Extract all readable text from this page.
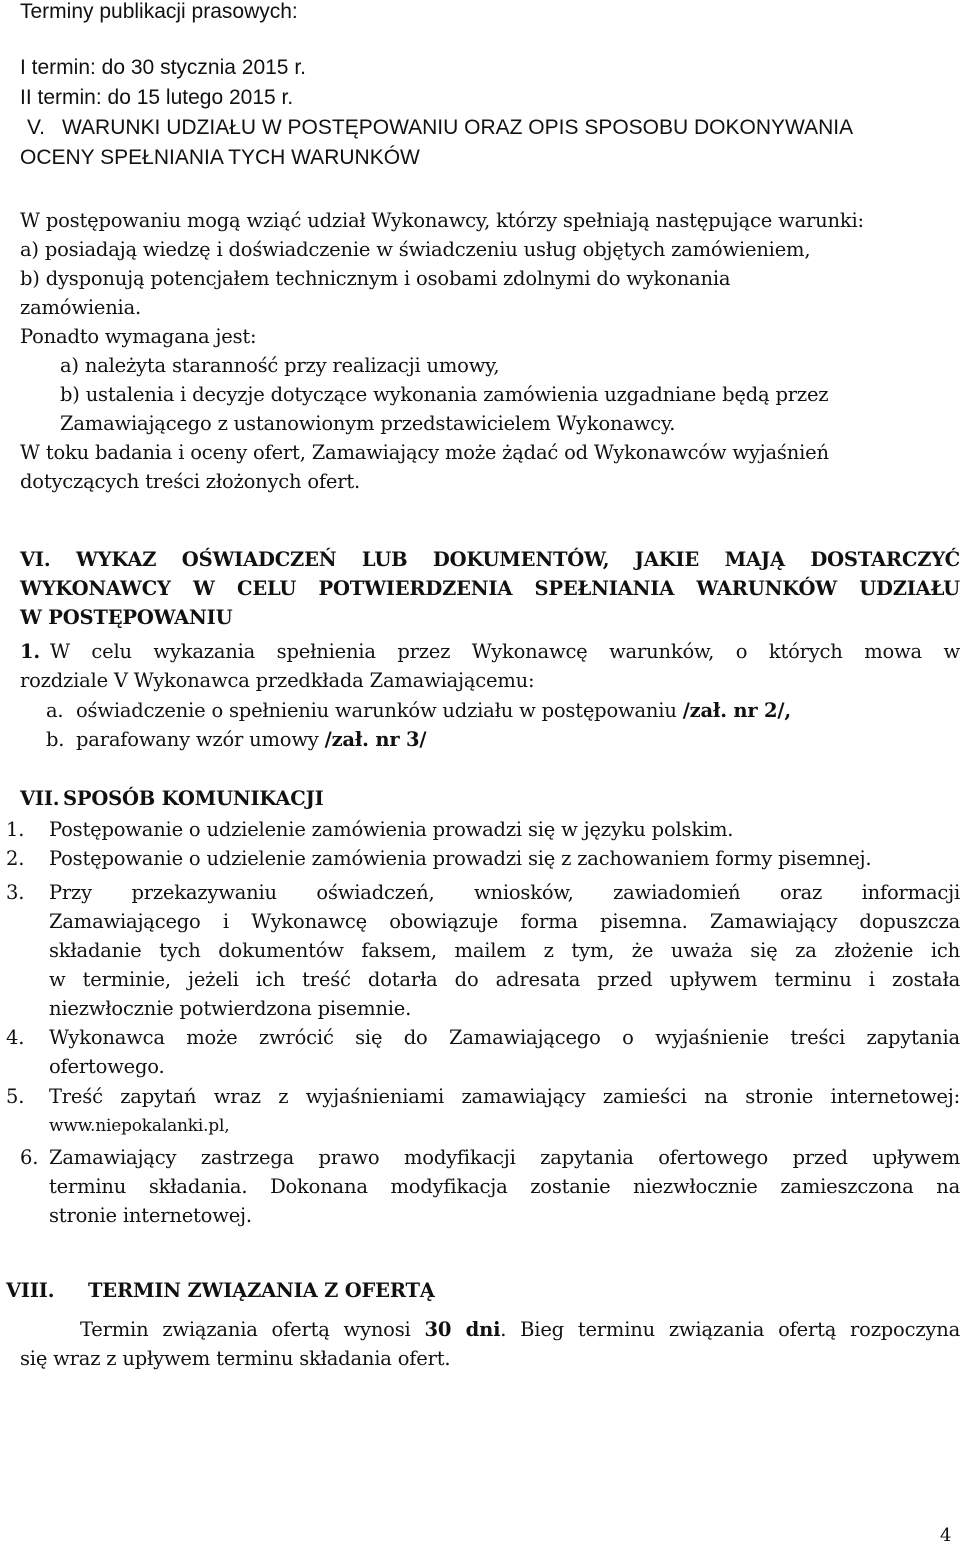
Terminy publikacji prasowych:
I termin: do 30 stycznia 2015 r.
II termin: do 15 lutego 2015 r.
V. WARUNKI UDZIAŁU W POSTĘPOWANIU ORAZ OPIS SPOSOBU DOKONYWANIA
OCENY SPEŁNIANIA TYCH WARUNKÓW
W postępowaniu mogą wziąć udział Wykonawcy, którzy spełniają następujące warunki:
a) posiadają wiedzę i doświadczenie w świadczeniu usług objętych zamówieniem,
b) dysponują potencjałem technicznym i osobami zdolnymi do wykonania
zamówienia.
Ponadto wymagana jest:
a) należyta staranność przy realizacji umowy,
b) ustalenia i decyzje dotyczące wykonania zamówienia uzgadniane będą przez
Zamawiającego z ustanowionym przedstawicielem Wykonawcy.
W toku badania i oceny ofert, Zamawiający może żądać od Wykonawców wyjaśnień
dotyczących treści złożonych ofert.
VI. WYKAZ OŚWIADCZEŃ LUB DOKUMENTÓW, JAKIE MAJĄ DOSTARCZYĆ
WYKONAWCY W CELU POTWIERDZENIA SPEŁNIANIA WARUNKÓW UDZIAŁU
W POSTĘPOWANIU
1. W celu wykazania spełnienia przez Wykonawcę warunków, o których mowa w
rozdziale V Wykonawca przedkłada Zamawiającemu:
a. oświadczenie o spełnieniu warunków udziału w postępowaniu /zał. nr 2/,
b. parafowany wzór umowy /zał. nr 3/
VII. SPOSÓB KOMUNIKACJI
1. Postępowanie o udzielenie zamówienia prowadzi się w języku polskim.
2. Postępowanie o udzielenie zamówienia prowadzi się z zachowaniem formy pisemnej.
3. Przy przekazywaniu oświadczeń, wniosków, zawiadomień oraz informacji
Zamawiającego i Wykonawcę obowiązuje forma pisemna. Zamawiający dopuszcza
składanie tych dokumentów faksem, mailem z tym, że uważa się za złożenie ich
w terminie, jeżeli ich treść dotarła do adresata przed upływem terminu i została
niezwłocznie potwierdzona pisemnie.
4. Wykonawca może zwrócić się do Zamawiającego o wyjaśnienie treści zapytania
ofertowego.
5. Treść zapytań wraz z wyjaśnieniami zamawiający zamieści na stronie internetowej:
www.niepokalanki.pl,
6. Zamawiający zastrzega prawo modyfikacji zapytania ofertowego przed upływem
terminu składania. Dokonana modyfikacja zostanie niezwłocznie zamieszczona na
stronie internetowej.
VIII. TERMIN ZWIĄZANIA Z OFERTĄ
Termin związania ofertą wynosi 30 dni. Bieg terminu związania ofertą rozpoczyna
się wraz z upływem terminu składania ofert.
4
